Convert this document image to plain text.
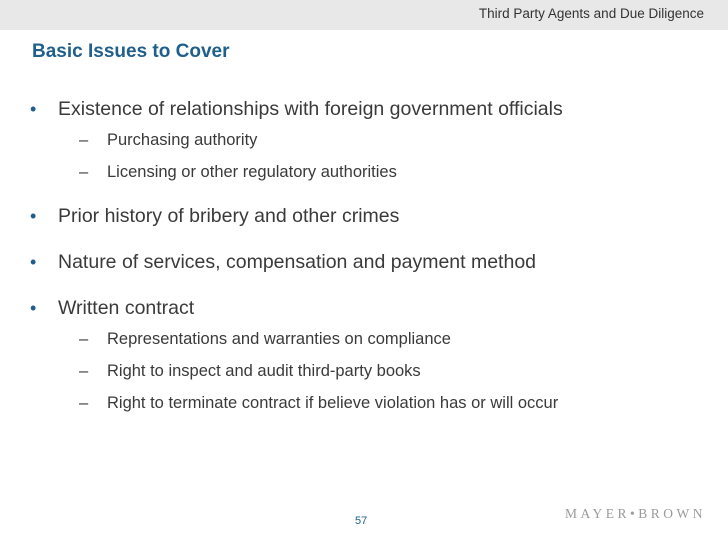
Third Party Agents and Due Diligence
Basic Issues to Cover
• Existence of relationships with foreign government officials
– Purchasing authority
– Licensing or other regulatory authorities
• Prior history of bribery and other crimes
• Nature of services, compensation and payment method
• Written contract
– Representations and warranties on compliance
– Right to inspect and audit third-party books
– Right to terminate contract if believe violation has or will occur
57	MAYER•BROWN
